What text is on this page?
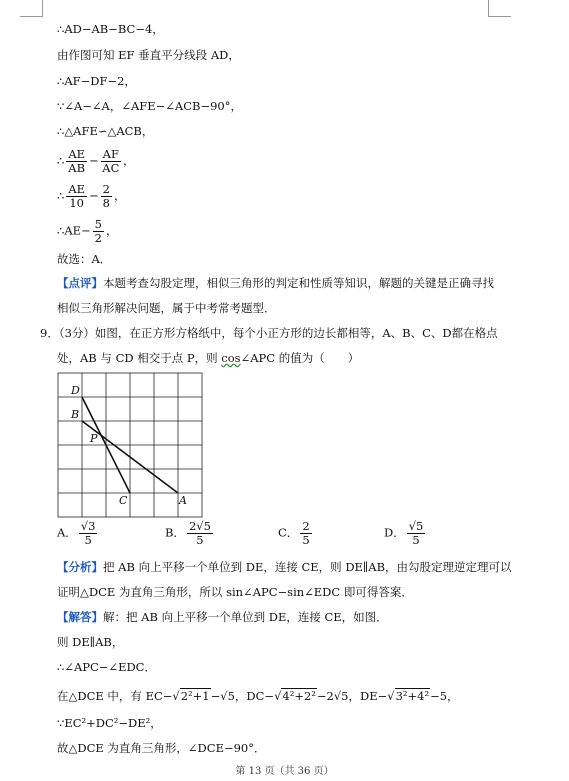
∴AD−AB−BC−4，
由作图可知 EF 垂直平分线段 AD，
∴AF−DF−2，
∵∠A−∠A，∠AFE−∠ACB−90°，
∴△AFE∽△ACB，
∴ $\frac{AE}{AB} - \frac{AF}{AC}$ ，
∴ $\frac{AE}{10} - \frac{2}{8}$ ，
∴AE− $\frac{5}{2}$ ，
故选：A．
【点评】本题考查勾股定理，相似三角形的判定和性质等知识，解题的关键是正确寻找
相似三角形解决问题，属于中考常考题型．
9．（3分）如图，在正方形方格纸中，每个小正方形的边长都相等，A、B、C、D都在格点
处，AB 与 CD 相交于点 P，则 cos∠APC 的值为（　　）
D
B
P
C	A
A． $\frac{√3}{5}$	B． $\frac{2√5}{5}$	C． $\frac{2}{5}$	D． $\frac{√5}{5}$
【分析】把 AB 向上平移一个单位到 DE，连接 CE，则 DE∥AB，由勾股定理逆定理可以
证明△DCE 为直角三角形，所以 sin∠APC−sin∠EDC 即可得答案．
【解答】解：把 AB 向上平移一个单位到 DE，连接 CE，如图．
则 DE∥AB，
∴∠APC−∠EDC．
在△DCE 中，有 EC−√2²+1−√5，DC−√4²+2²−2√5，DE−√3²+4²−5，
∵EC²+DC²−DE²，
故△DCE 为直角三角形，∠DCE−90°．
第 13 页（共 36 页）
